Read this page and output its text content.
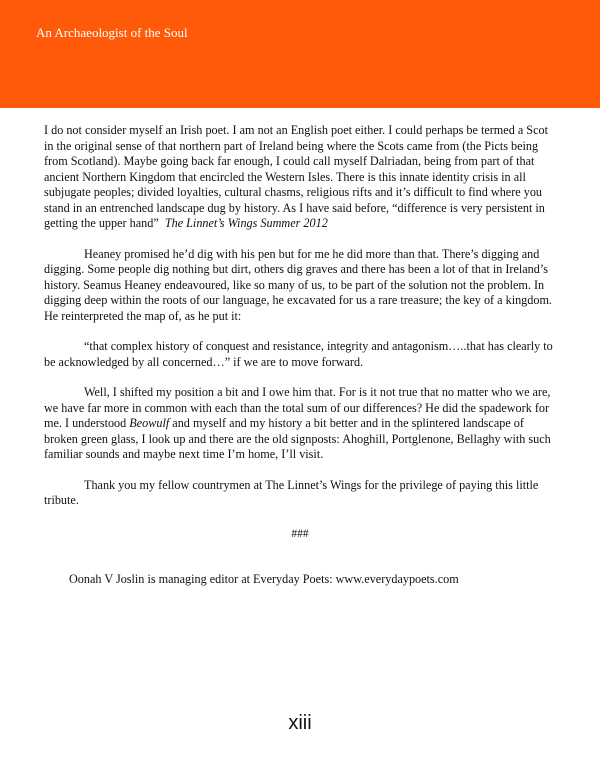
An Archaeologist of the Soul

I do not consider myself an Irish poet. I am not an English poet either. I could perhaps be termed a Scot in the original sense of that northern part of Ireland being where the Scots came from (the Picts being from Scotland). Maybe going back far enough, I could call myself Dalriadan, being from part of that ancient Northern Kingdom that encircled the Western Isles. There is this innate identity crisis in all subjugate peoples; divided loyalties, cultural chasms, religious rifts and it’s difficult to find where you stand in an entrenched landscape dug by history. As I have said before, “difference is very persistent in getting the upper hand” The Linnet’s Wings Summer 2012

Heaney promised he’d dig with his pen but for me he did more than that. There’s digging and digging. Some people dig nothing but dirt, others dig graves and there has been a lot of that in Ireland’s history. Seamus Heaney endeavoured, like so many of us, to be part of the solution not the problem. In digging deep within the roots of our language, he excavated for us a rare treasure; the key of a kingdom. He reinterpreted the map of, as he put it:

“that complex history of conquest and resistance, integrity and antagonism…..that has clearly to be acknowledged by all concerned…” if we are to move forward.

Well, I shifted my position a bit and I owe him that. For is it not true that no matter who we are, we have far more in common with each than the total sum of our differences? He did the spadework for me. I understood Beowulf and myself and my history a bit better and in the splintered landscape of broken green glass, I look up and there are the old signposts: Ahoghill, Portglenone, Bellaghy with such familiar sounds and maybe next time I’m home, I’ll visit.

Thank you my fellow countrymen at The Linnet’s Wings for the privilege of paying this little tribute.

###

Oonah V Joslin is managing editor at Everyday Poets: www.everydaypoets.com

xiii
